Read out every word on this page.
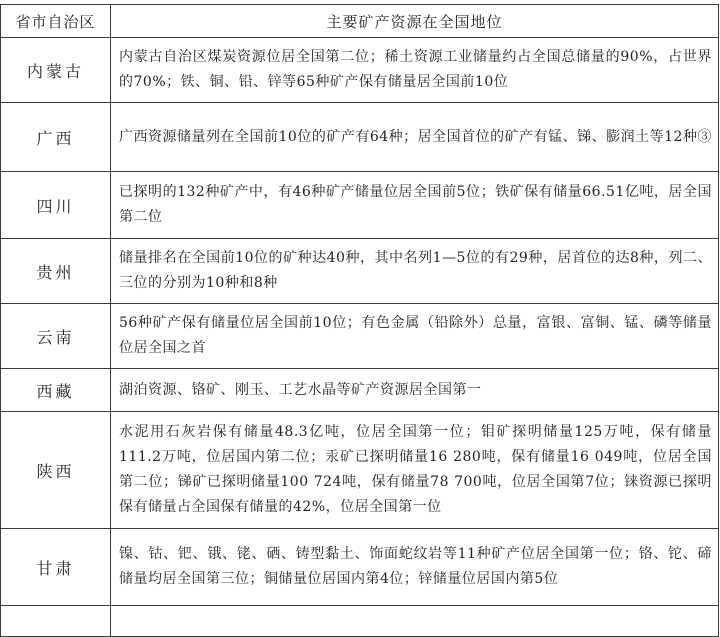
省市自治区	主要矿产资源在全国地位
内蒙古	内蒙古自治区煤炭资源位居全国第二位；稀土资源工业储量约占全国总储量的90%，占世界的70%；铁、铜、铅、锌等65种矿产保有储量居全国前10位
广西	广西资源储量列在全国前10位的矿产有64种；居全国首位的矿产有锰、锑、膨润土等12种③
四川	已探明的132种矿产中，有46种矿产储量位居全国前5位；铁矿保有储量66.51亿吨，居全国第二位
贵州	储量排名在全国前10位的矿种达40种，其中名列1—5位的有29种，居首位的达8种，列二、三位的分别为10种和8种
云南	56种矿产保有储量位居全国前10位；有色金属（铅除外）总量，富银、富铜、锰、磷等储量位居全国之首
西藏	湖泊资源、铬矿、刚玉、工艺水晶等矿产资源居全国第一
陕西	水泥用石灰岩保有储量48.3亿吨，位居全国第一位；钼矿探明储量125万吨，保有储量111.2万吨，位居国内第二位；汞矿已探明储量16 280吨，保有储量16 049吨，位居全国第二位；锑矿已探明储量100 724吨，保有储量78 700吨，位居全国第7位；铼资源已探明保有储量占全国保有储量的42%，位居全国第一位
甘肃	镍、钴、钯、锇、铑、硒、铸型黏土、饰面蛇纹岩等11种矿产位居全国第一位；铬、铊、碲储量均居全国第三位；铜储量位居国内第4位；锌储量位居国内第5位
